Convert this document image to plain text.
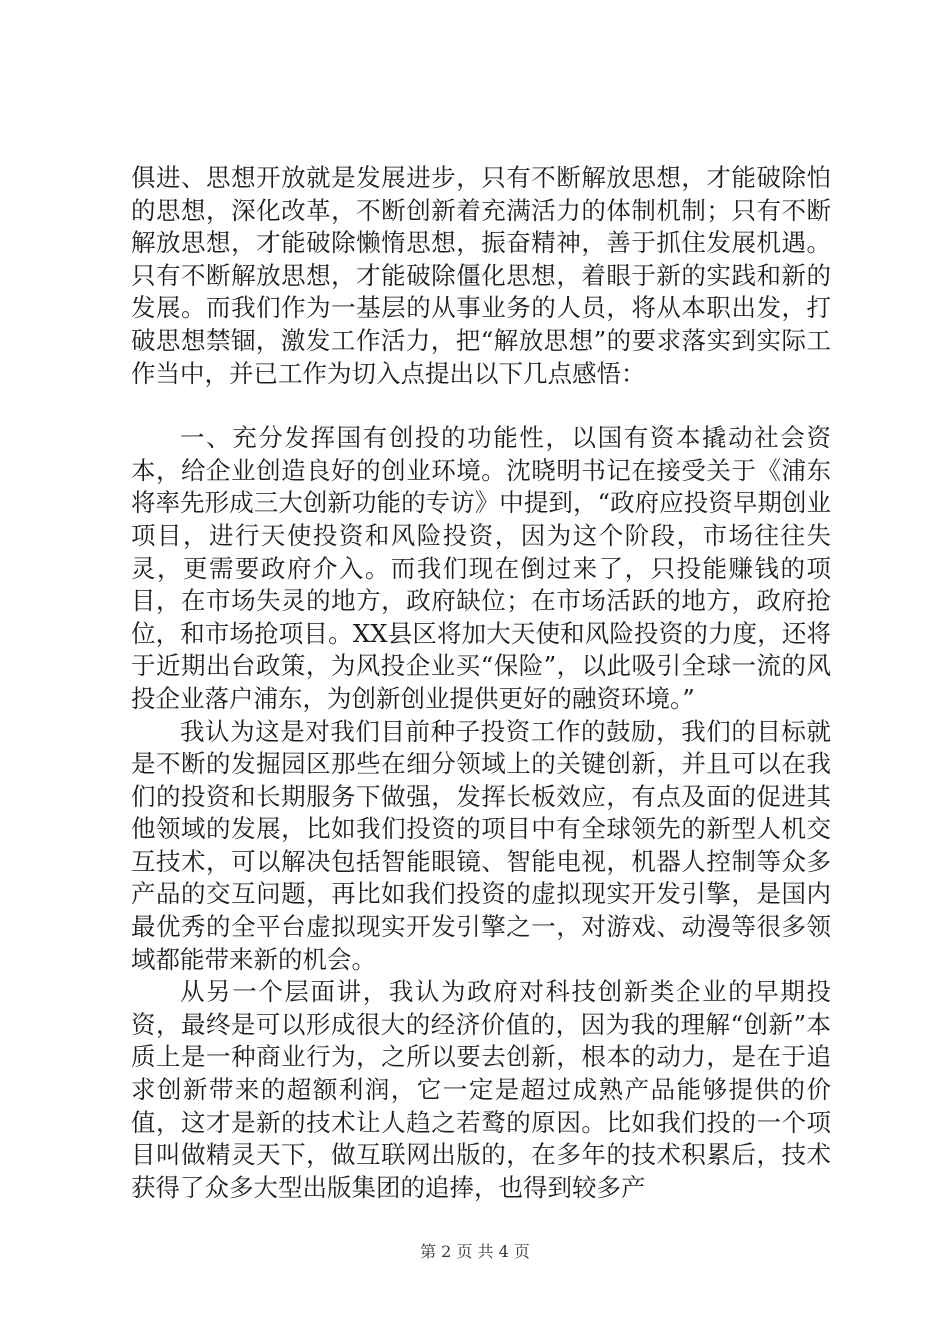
俱进、思想开放就是发展进步，只有不断解放思想，才能破除怕的思想，深化改革，不断创新着充满活力的体制机制；只有不断解放思想，才能破除懒惰思想，振奋精神，善于抓住发展机遇。只有不断解放思想，才能破除僵化思想，着眼于新的实践和新的发展。而我们作为一基层的从事业务的人员，将从本职出发，打破思想禁锢，激发工作活力，把“解放思想”的要求落实到实际工作当中，并已工作为切入点提出以下几点感悟：

一、充分发挥国有创投的功能性，以国有资本撬动社会资本，给企业创造良好的创业环境。沈晓明书记在接受关于《浦东将率先形成三大创新功能的专访》中提到，“政府应投资早期创业项目，进行天使投资和风险投资，因为这个阶段，市场往往失灵，更需要政府介入。而我们现在倒过来了，只投能赚钱的项目，在市场失灵的地方，政府缺位；在市场活跃的地方，政府抢位，和市场抢项目。XX县区将加大天使和风险投资的力度，还将于近期出台政策，为风投企业买“保险”，以此吸引全球一流的风投企业落户浦东，为创新创业提供更好的融资环境。”

我认为这是对我们目前种子投资工作的鼓励，我们的目标就是不断的发掘园区那些在细分领域上的关键创新，并且可以在我们的投资和长期服务下做强，发挥长板效应，有点及面的促进其他领域的发展，比如我们投资的项目中有全球领先的新型人机交互技术，可以解决包括智能眼镜、智能电视，机器人控制等众多产品的交互问题，再比如我们投资的虚拟现实开发引擎，是国内最优秀的全平台虚拟现实开发引擎之一，对游戏、动漫等很多领域都能带来新的机会。

从另一个层面讲，我认为政府对科技创新类企业的早期投资，最终是可以形成很大的经济价值的，因为我的理解“创新”本质上是一种商业行为，之所以要去创新，根本的动力，是在于追求创新带来的超额利润，它一定是超过成熟产品能够提供的价值，这才是新的技术让人趋之若鹜的原因。比如我们投的一个项目叫做精灵天下，做互联网出版的，在多年的技术积累后，技术获得了众多大型出版集团的追捧，也得到较多产

第 2 页 共 4 页
